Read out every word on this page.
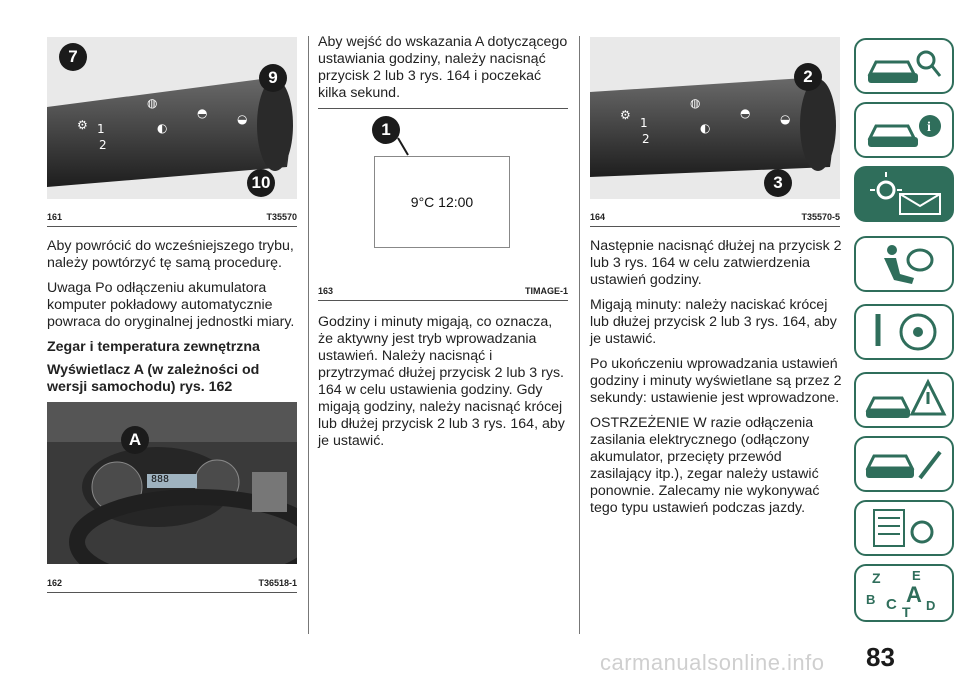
⚙ 1
2
◍
◐
◓ ◒
7
9
10
161	T35570

Aby powrócić do wcześniejszego trybu, należy powtórzyć tę samą procedurę.

Uwaga Po odłączeniu akumulatora komputer pokładowy automatycznie powraca do oryginalnej jednostki miary.

Zegar i temperatura zewnętrzna

Wyświetlacz A (w zależności od wersji samochodu) rys. 162

888
A
162	T36518-1

Aby wejść do wskazania A dotyczącego ustawiania godziny, należy nacisnąć przycisk 2 lub 3 rys. 164 i poczekać kilka sekund.

1
9°C 12:00
163	TIMAGE-1

Godziny i minuty migają, co oznacza, że aktywny jest tryb wprowadzania ustawień. Należy nacisnąć i przytrzymać dłużej przycisk 2 lub 3 rys. 164 w celu ustawienia godziny. Gdy migają godziny, należy nacisnąć krócej lub dłużej przycisk 2 lub 3 rys. 164, aby je ustawić.

⚙
1
2
◍
◐
◓ ◒
2
3
164	T35570-5

Następnie nacisnąć dłużej na przycisk 2 lub 3 rys. 164 w celu zatwierdzenia ustawień godziny.

Migają minuty: należy naciskać krócej lub dłużej przycisk 2 lub 3 rys. 164, aby je ustawić.

Po ukończeniu wprowadzania ustawień godziny i minuty wyświetlane są przez 2 sekundy: ustawienie jest wprowadzone.

OSTRZEŻENIE W razie odłączenia zasilania elektrycznego (odłączony akumulator, przecięty przewód zasilający itp.), zegar należy ustawić ponownie. Zalecamy nie wykonywać tego typu ustawień podczas jazdy.

i
Z E
B A
C T D
83
carmanualsonline.info
